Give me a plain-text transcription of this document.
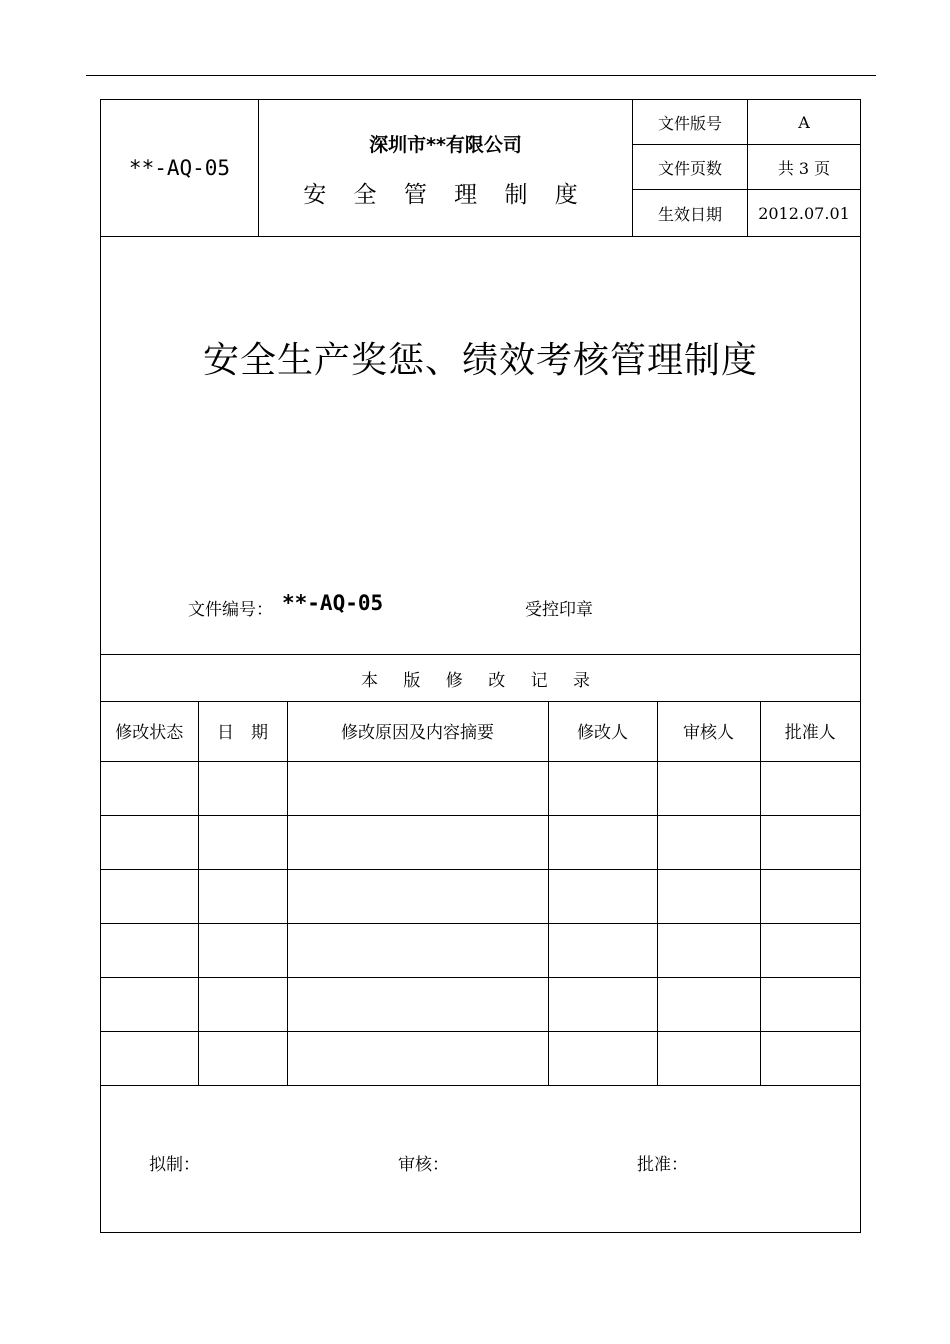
**-AQ-05
深圳市**有限公司
安 全 管 理 制 度
文件版号	A
文件页数	共 3 页
生效日期	2012.07.01
安全生产奖惩、绩效考核管理制度
文件编号： **-AQ-05	受控印章
本 版 修 改 记 录
修改状态	日　期	修改原因及内容摘要	修改人	审核人	批准人

拟制：	审核：	批准：
